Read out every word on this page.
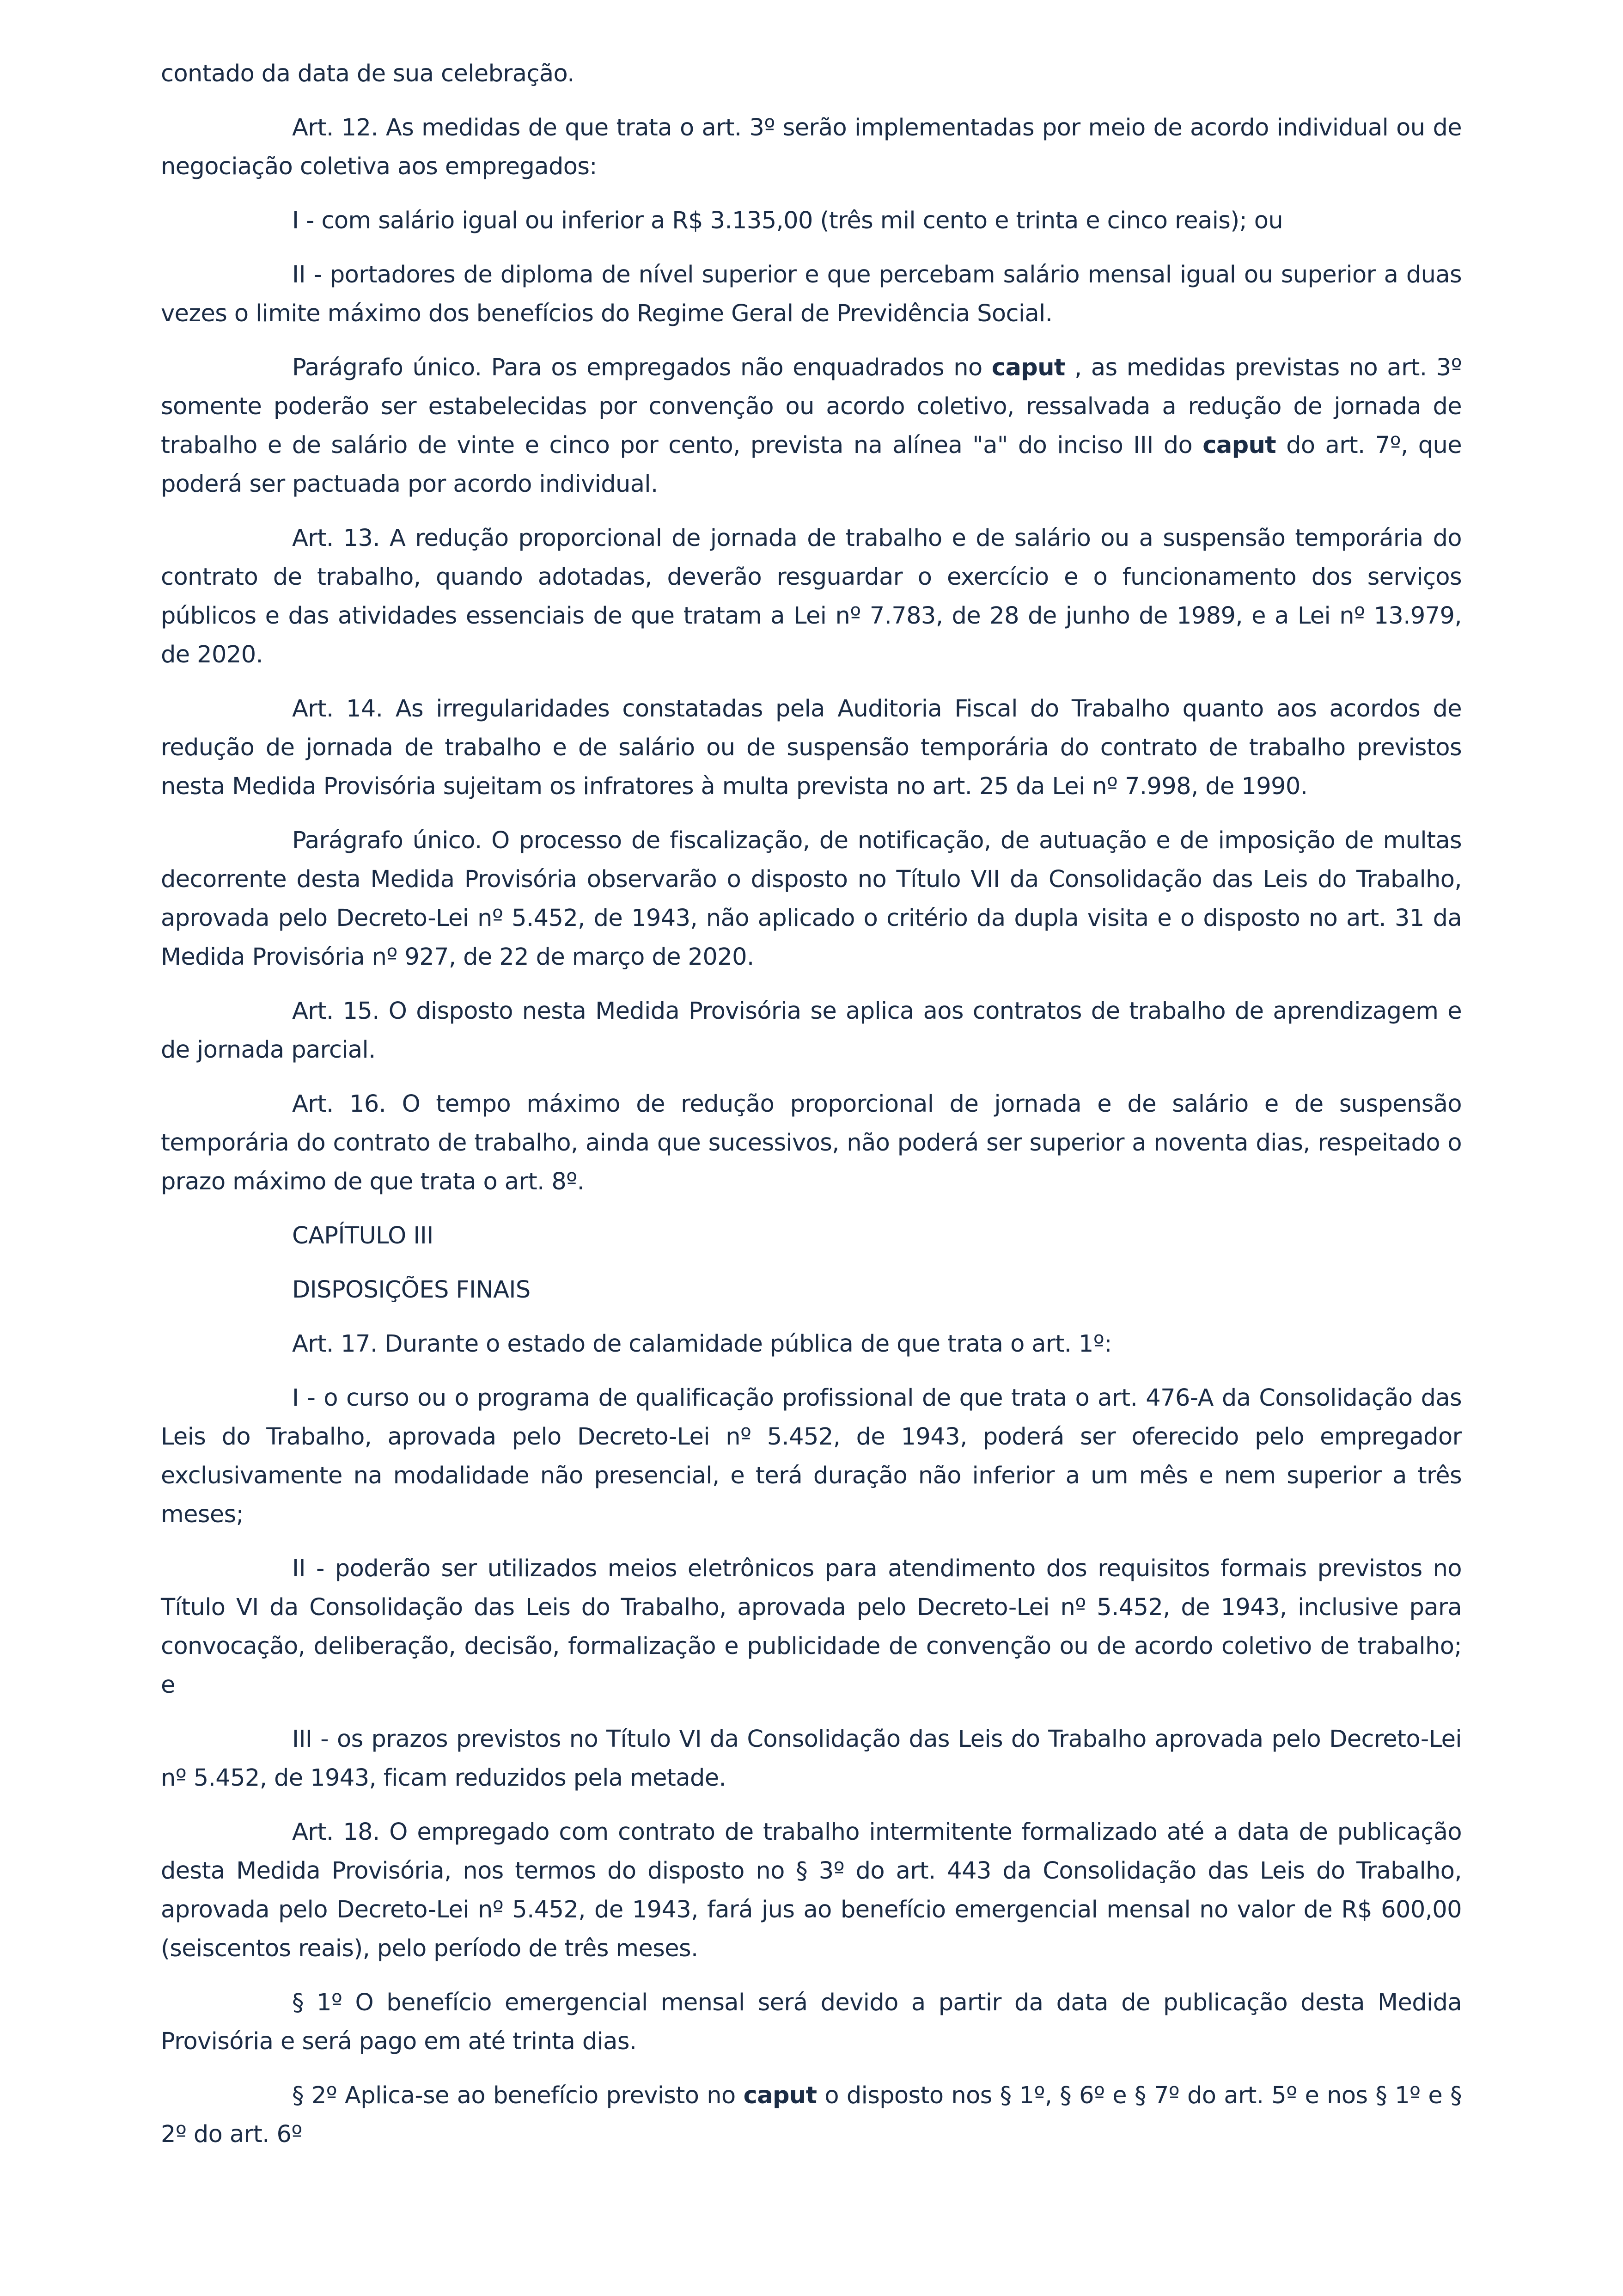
contado da data de sua celebração.

Art. 12. As medidas de que trata o art. 3º serão implementadas por meio de acordo individual ou de negociação coletiva aos empregados:

I - com salário igual ou inferior a R$ 3.135,00 (três mil cento e trinta e cinco reais); ou

II - portadores de diploma de nível superior e que percebam salário mensal igual ou superior a duas vezes o limite máximo dos benefícios do Regime Geral de Previdência Social.

Parágrafo único. Para os empregados não enquadrados no caput , as medidas previstas no art. 3º somente poderão ser estabelecidas por convenção ou acordo coletivo, ressalvada a redução de jornada de trabalho e de salário de vinte e cinco por cento, prevista na alínea "a" do inciso III do caput do art. 7º, que poderá ser pactuada por acordo individual.

Art. 13. A redução proporcional de jornada de trabalho e de salário ou a suspensão temporária do contrato de trabalho, quando adotadas, deverão resguardar o exercício e o funcionamento dos serviços públicos e das atividades essenciais de que tratam a Lei nº 7.783, de 28 de junho de 1989, e a Lei nº 13.979, de 2020.

Art. 14. As irregularidades constatadas pela Auditoria Fiscal do Trabalho quanto aos acordos de redução de jornada de trabalho e de salário ou de suspensão temporária do contrato de trabalho previstos nesta Medida Provisória sujeitam os infratores à multa prevista no art. 25 da Lei nº 7.998, de 1990.

Parágrafo único. O processo de fiscalização, de notificação, de autuação e de imposição de multas decorrente desta Medida Provisória observarão o disposto no Título VII da Consolidação das Leis do Trabalho, aprovada pelo Decreto-Lei nº 5.452, de 1943, não aplicado o critério da dupla visita e o disposto no art. 31 da Medida Provisória nº 927, de 22 de março de 2020.

Art. 15. O disposto nesta Medida Provisória se aplica aos contratos de trabalho de aprendizagem e de jornada parcial.

Art. 16. O tempo máximo de redução proporcional de jornada e de salário e de suspensão temporária do contrato de trabalho, ainda que sucessivos, não poderá ser superior a noventa dias, respeitado o prazo máximo de que trata o art. 8º.

CAPÍTULO III

DISPOSIÇÕES FINAIS

Art. 17. Durante o estado de calamidade pública de que trata o art. 1º:

I - o curso ou o programa de qualificação profissional de que trata o art. 476-A da Consolidação das Leis do Trabalho, aprovada pelo Decreto-Lei nº 5.452, de 1943, poderá ser oferecido pelo empregador exclusivamente na modalidade não presencial, e terá duração não inferior a um mês e nem superior a três meses;

II - poderão ser utilizados meios eletrônicos para atendimento dos requisitos formais previstos no Título VI da Consolidação das Leis do Trabalho, aprovada pelo Decreto-Lei nº 5.452, de 1943, inclusive para convocação, deliberação, decisão, formalização e publicidade de convenção ou de acordo coletivo de trabalho; e

III - os prazos previstos no Título VI da Consolidação das Leis do Trabalho aprovada pelo Decreto-Lei nº 5.452, de 1943, ficam reduzidos pela metade.

Art. 18. O empregado com contrato de trabalho intermitente formalizado até a data de publicação desta Medida Provisória, nos termos do disposto no § 3º do art. 443 da Consolidação das Leis do Trabalho, aprovada pelo Decreto-Lei nº 5.452, de 1943, fará jus ao benefício emergencial mensal no valor de R$ 600,00 (seiscentos reais), pelo período de três meses.

§ 1º O benefício emergencial mensal será devido a partir da data de publicação desta Medida Provisória e será pago em até trinta dias.

§ 2º Aplica-se ao benefício previsto no caput o disposto nos § 1º, § 6º e § 7º do art. 5º e nos § 1º e § 2º do art. 6º
